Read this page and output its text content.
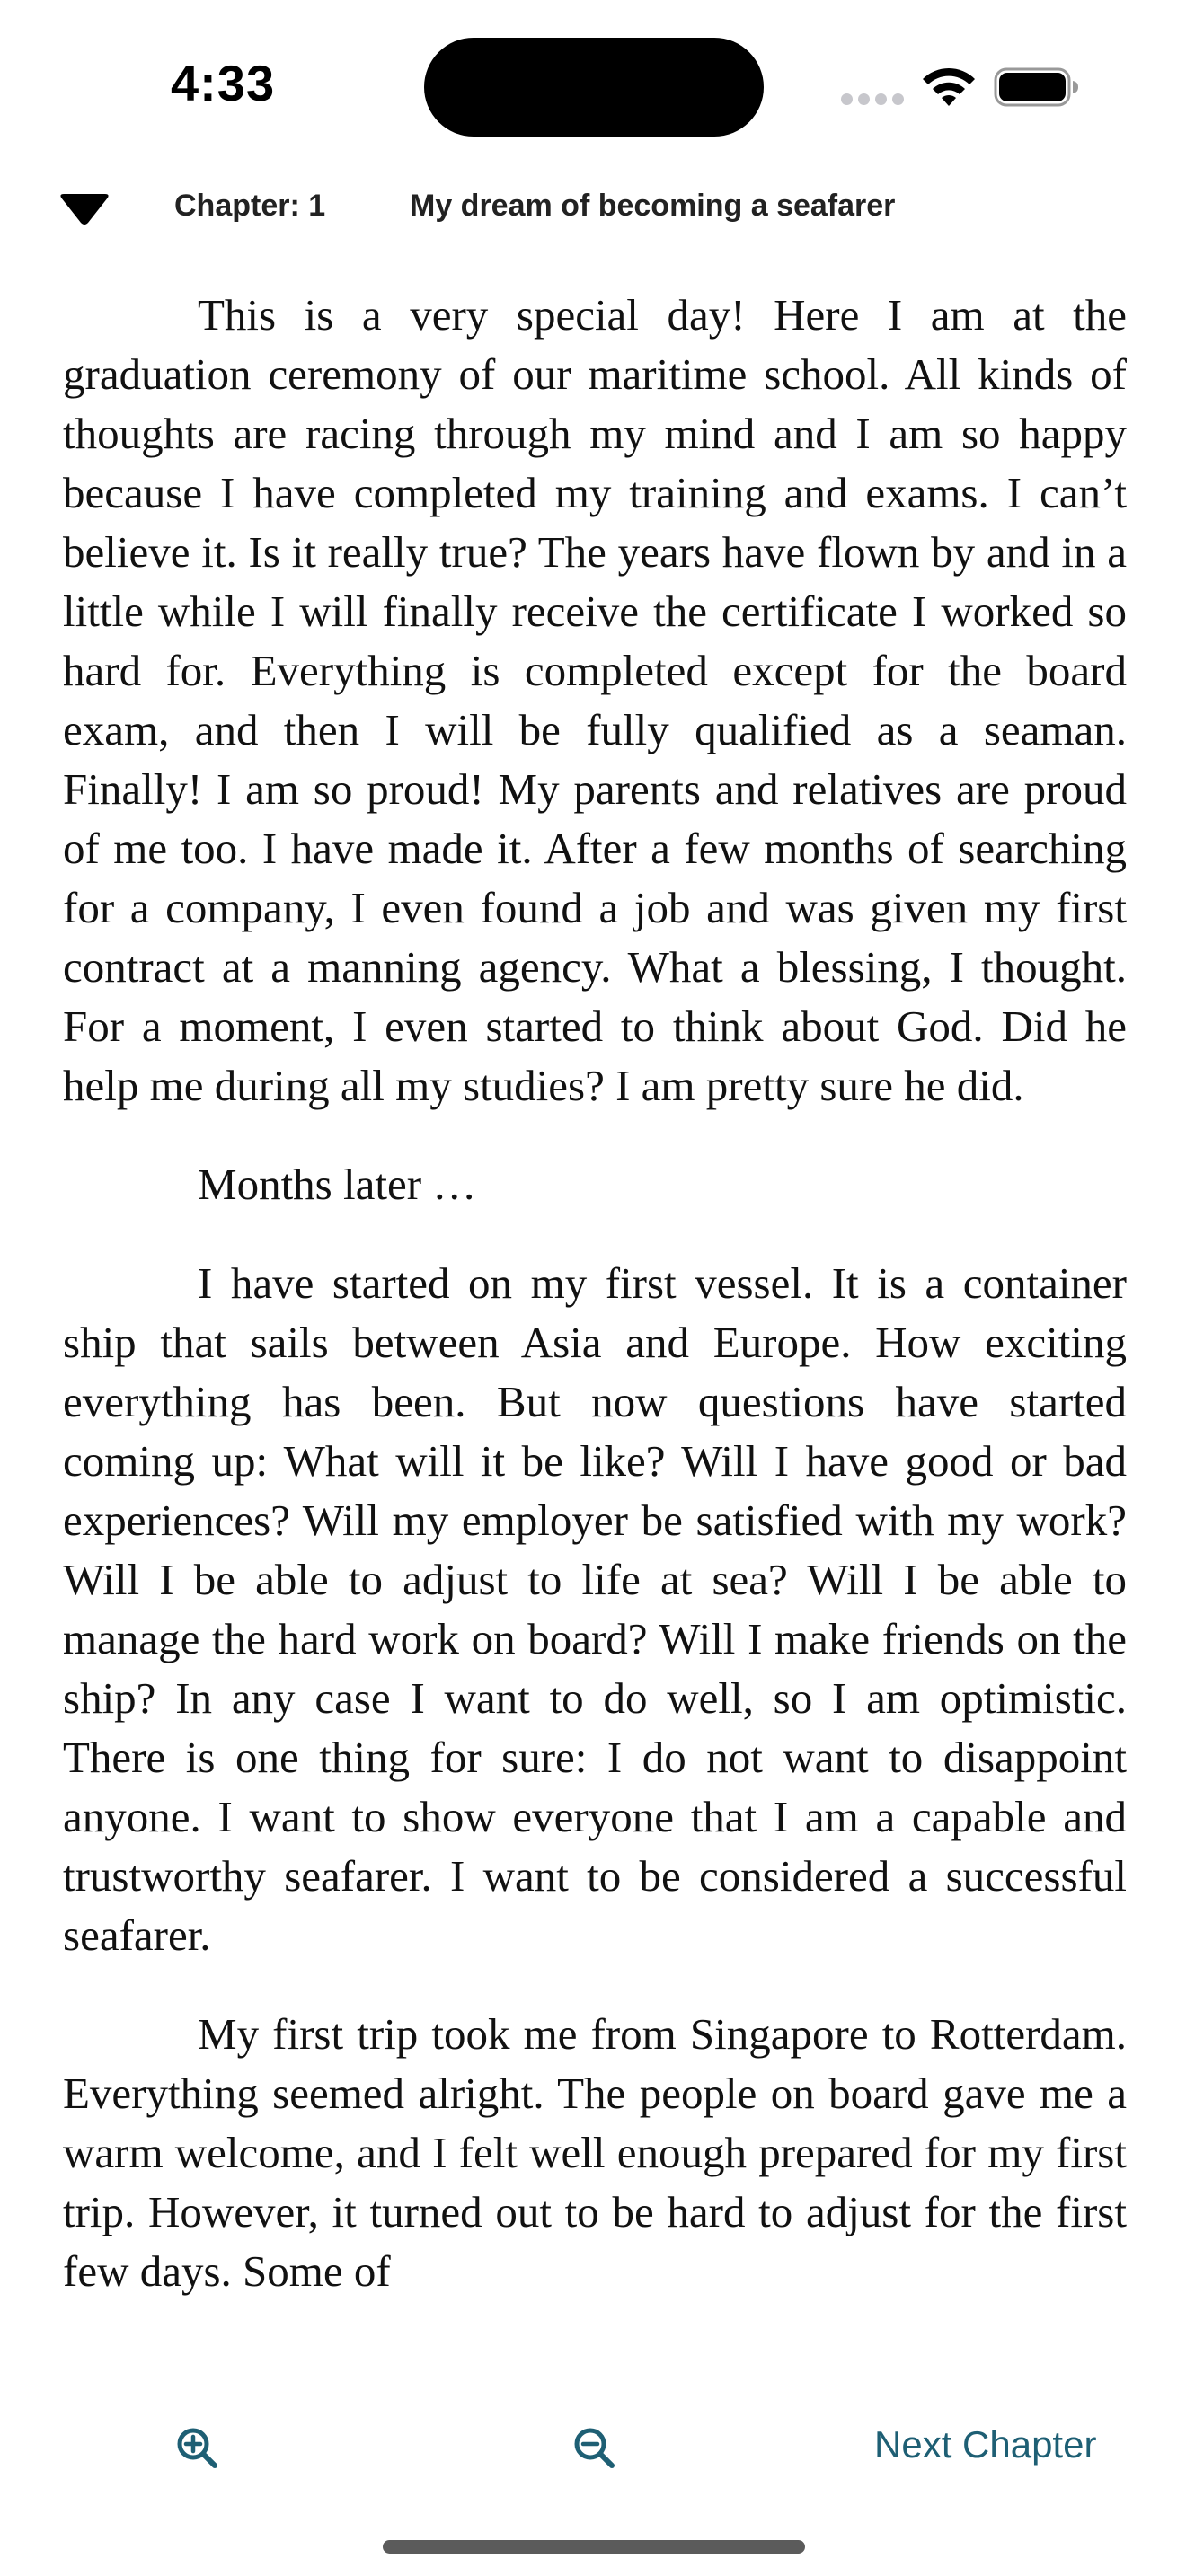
4:33
Chapter: 1	My dream of becoming a seafarer

This is a very special day! Here I am at the graduation ceremony of our maritime school. All kinds of thoughts are racing through my mind and I am so happy because I have completed my training and exams. I can’t believe it. Is it really true? The years have flown by and in a little while I will finally receive the certificate I worked so hard for. Everything is completed except for the board exam, and then I will be fully qualified as a seaman. Finally! I am so proud! My parents and relatives are proud of me too. I have made it. After a few months of searching for a company, I even found a job and was given my first contract at a manning agency. What a blessing, I thought. For a moment, I even started to think about God. Did he help me during all my studies? I am pretty sure he did.

Months later …

I have started on my first vessel. It is a container ship that sails between Asia and Europe. How exciting everything has been. But now questions have started coming up: What will it be like? Will I have good or bad experiences? Will my employer be satisfied with my work? Will I be able to adjust to life at sea? Will I be able to manage the hard work on board? Will I make friends on the ship? In any case I want to do well, so I am optimistic. There is one thing for sure: I do not want to disappoint anyone. I want to show everyone that I am a capable and trustworthy seafarer. I want to be considered a successful seafarer.

My first trip took me from Singapore to Rotterdam. Everything seemed alright. The people on board gave me a warm welcome, and I felt well enough prepared for my first trip. However, it turned out to be hard to adjust for the first few days. Some of

Next Chapter
